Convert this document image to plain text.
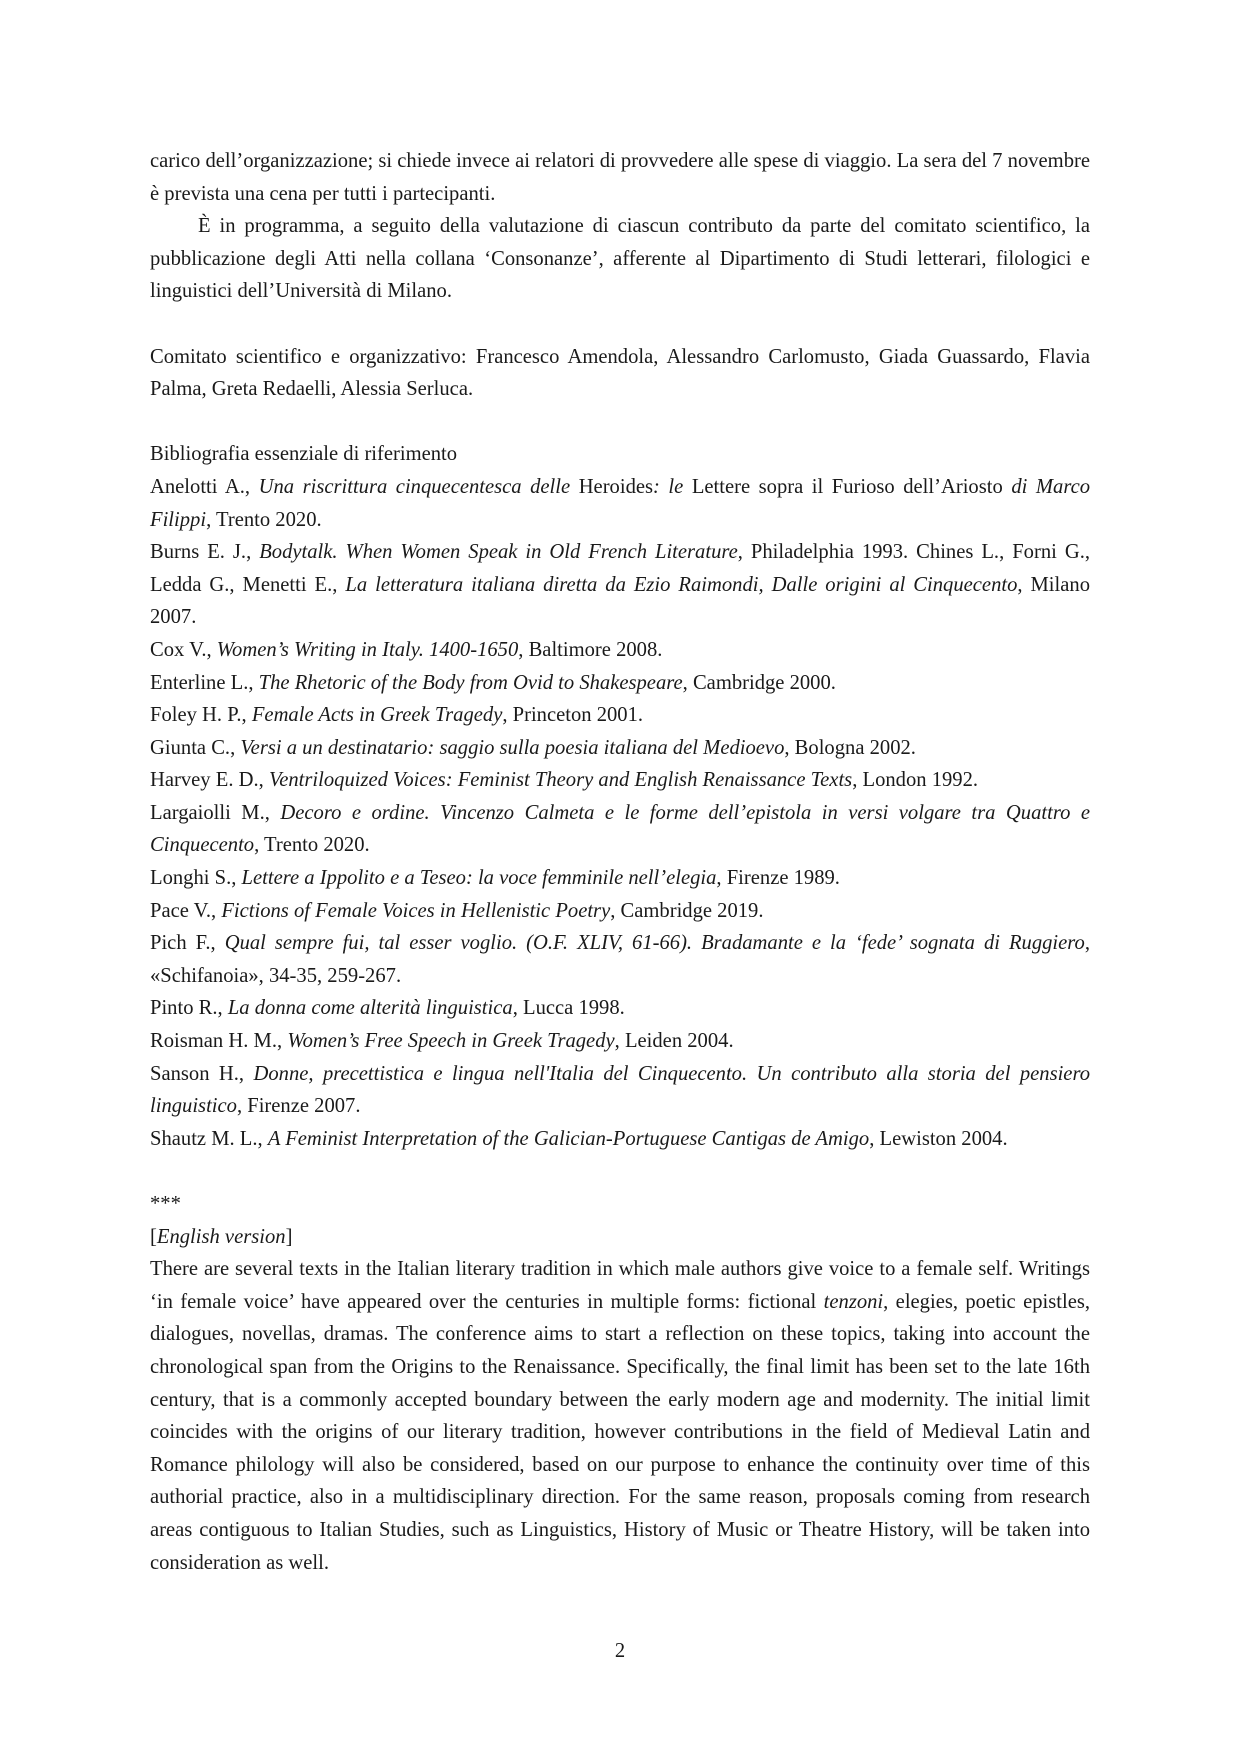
carico dell’organizzazione; si chiede invece ai relatori di provvedere alle spese di viaggio. La sera del 7 novembre è prevista una cena per tutti i partecipanti.

È in programma, a seguito della valutazione di ciascun contributo da parte del comitato scientifico, la pubblicazione degli Atti nella collana ‘Consonanze’, afferente al Dipartimento di Studi letterari, filologici e linguistici dell’Università di Milano.

Comitato scientifico e organizzativo: Francesco Amendola, Alessandro Carlomusto, Giada Guassardo, Flavia Palma, Greta Redaelli, Alessia Serluca.

Bibliografia essenziale di riferimento

Anelotti A., Una riscrittura cinquecentesca delle Heroides: le Lettere sopra il Furioso dell’Ariosto di Marco Filippi, Trento 2020.

Burns E. J., Bodytalk. When Women Speak in Old French Literature, Philadelphia 1993. Chines L., Forni G., Ledda G., Menetti E., La letteratura italiana diretta da Ezio Raimondi, Dalle origini al Cinquecento, Milano 2007.

Cox V., Women’s Writing in Italy. 1400-1650, Baltimore 2008.

Enterline L., The Rhetoric of the Body from Ovid to Shakespeare, Cambridge 2000.

Foley H. P., Female Acts in Greek Tragedy, Princeton 2001.

Giunta C., Versi a un destinatario: saggio sulla poesia italiana del Medioevo, Bologna 2002.

Harvey E. D., Ventriloquized Voices: Feminist Theory and English Renaissance Texts, London 1992.

Largaiolli M., Decoro e ordine. Vincenzo Calmeta e le forme dell’epistola in versi volgare tra Quattro e Cinquecento, Trento 2020.

Longhi S., Lettere a Ippolito e a Teseo: la voce femminile nell’elegia, Firenze 1989.

Pace V., Fictions of Female Voices in Hellenistic Poetry, Cambridge 2019.

Pich F., Qual sempre fui, tal esser voglio. (O.F. XLIV, 61-66). Bradamante e la ‘fede’ sognata di Ruggiero, «Schifanoia», 34-35, 259-267.

Pinto R., La donna come alterità linguistica, Lucca 1998.

Roisman H. M., Women’s Free Speech in Greek Tragedy, Leiden 2004.

Sanson H., Donne, precettistica e lingua nell'Italia del Cinquecento. Un contributo alla storia del pensiero linguistico, Firenze 2007.

Shautz M. L., A Feminist Interpretation of the Galician-Portuguese Cantigas de Amigo, Lewiston 2004.

***

[English version]

There are several texts in the Italian literary tradition in which male authors give voice to a female self. Writings ‘in female voice’ have appeared over the centuries in multiple forms: fictional tenzoni, elegies, poetic epistles, dialogues, novellas, dramas. The conference aims to start a reflection on these topics, taking into account the chronological span from the Origins to the Renaissance. Specifically, the final limit has been set to the late 16th century, that is a commonly accepted boundary between the early modern age and modernity. The initial limit coincides with the origins of our literary tradition, however contributions in the field of Medieval Latin and Romance philology will also be considered, based on our purpose to enhance the continuity over time of this authorial practice, also in a multidisciplinary direction. For the same reason, proposals coming from research areas contiguous to Italian Studies, such as Linguistics, History of Music or Theatre History, will be taken into consideration as well.

2
